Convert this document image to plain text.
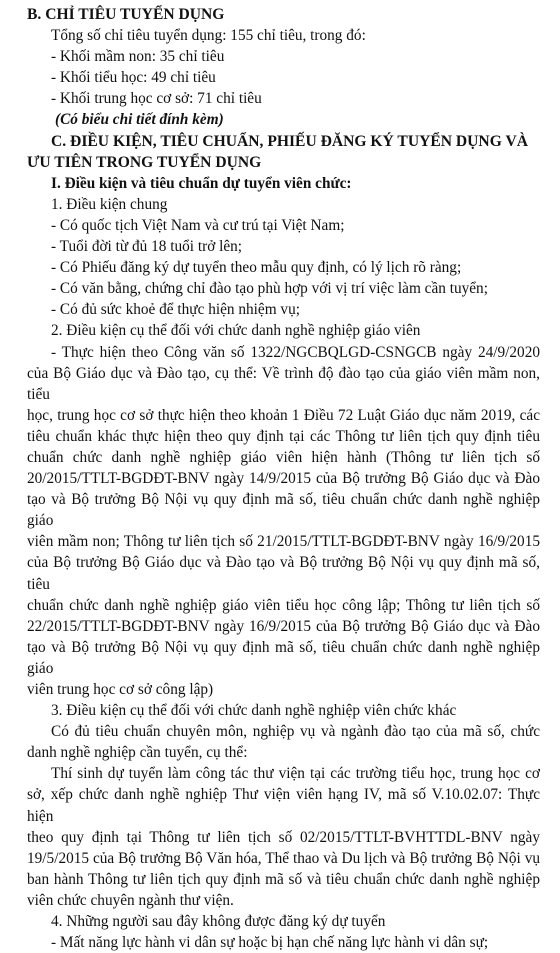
B. CHỈ TIÊU TUYỂN DỤNG
Tổng số chỉ tiêu tuyển dụng: 155 chỉ tiêu, trong đó:
- Khối mầm non: 35 chỉ tiêu
- Khối tiểu học: 49 chỉ tiêu
- Khối trung học cơ sở: 71 chỉ tiêu
(Có biểu chi tiết đính kèm)
C. ĐIỀU KIỆN, TIÊU CHUẨN, PHIẾU ĐĂNG KÝ TUYỂN DỤNG VÀ
ƯU TIÊN TRONG TUYỂN DỤNG
I. Điều kiện và tiêu chuẩn dự tuyển viên chức:
1. Điều kiện chung
- Có quốc tịch Việt Nam và cư trú tại Việt Nam;
- Tuổi đời từ đủ 18 tuổi trở lên;
- Có Phiếu đăng ký dự tuyển theo mẫu quy định, có lý lịch rõ ràng;
- Có văn bằng, chứng chỉ đào tạo phù hợp với vị trí việc làm cần tuyển;
- Có đủ sức khoẻ để thực hiện nhiệm vụ;
2. Điều kiện cụ thể đối với chức danh nghề nghiệp giáo viên
- Thực hiện theo Công văn số 1322/NGCBQLGD-CSNGCB ngày 24/9/2020
của Bộ Giáo dục và Đào tạo, cụ thể: Về trình độ đào tạo của giáo viên mầm non, tiểu
học, trung học cơ sở thực hiện theo khoản 1 Điều 72 Luật Giáo dục năm 2019, các
tiêu chuẩn khác thực hiện theo quy định tại các Thông tư liên tịch quy định tiêu
chuẩn chức danh nghề nghiệp giáo viên hiện hành (Thông tư liên tịch số
20/2015/TTLT-BGDĐT-BNV ngày 14/9/2015 của Bộ trưởng Bộ Giáo dục và Đào
tạo và Bộ trưởng Bộ Nội vụ quy định mã số, tiêu chuẩn chức danh nghề nghiệp giáo
viên mầm non; Thông tư liên tịch số 21/2015/TTLT-BGDĐT-BNV ngày 16/9/2015
của Bộ trưởng Bộ Giáo dục và Đào tạo và Bộ trưởng Bộ Nội vụ quy định mã số, tiêu
chuẩn chức danh nghề nghiệp giáo viên tiểu học công lập; Thông tư liên tịch số
22/2015/TTLT-BGDĐT-BNV ngày 16/9/2015 của Bộ trưởng Bộ Giáo dục và Đào
tạo và Bộ trưởng Bộ Nội vụ quy định mã số, tiêu chuẩn chức danh nghề nghiệp giáo
viên trung học cơ sở công lập)
3. Điều kiện cụ thể đối với chức danh nghề nghiệp viên chức khác
Có đủ tiêu chuẩn chuyên môn, nghiệp vụ và ngành đào tạo của mã số, chức
danh nghề nghiệp cần tuyển, cụ thể:
Thí sinh dự tuyển làm công tác thư viện tại các trường tiểu học, trung học cơ
sở, xếp chức danh nghề nghiệp Thư viện viên hạng IV, mã số V.10.02.07: Thực hiện
theo quy định tại Thông tư liên tịch số 02/2015/TTLT-BVHTTDL-BNV ngày
19/5/2015 của Bộ trưởng Bộ Văn hóa, Thể thao và Du lịch và Bộ trưởng Bộ Nội vụ
ban hành Thông tư liên tịch quy định mã số và tiêu chuẩn chức danh nghề nghiệp
viên chức chuyên ngành thư viện.
4. Những người sau đây không được đăng ký dự tuyển
- Mất năng lực hành vi dân sự hoặc bị hạn chế năng lực hành vi dân sự;
